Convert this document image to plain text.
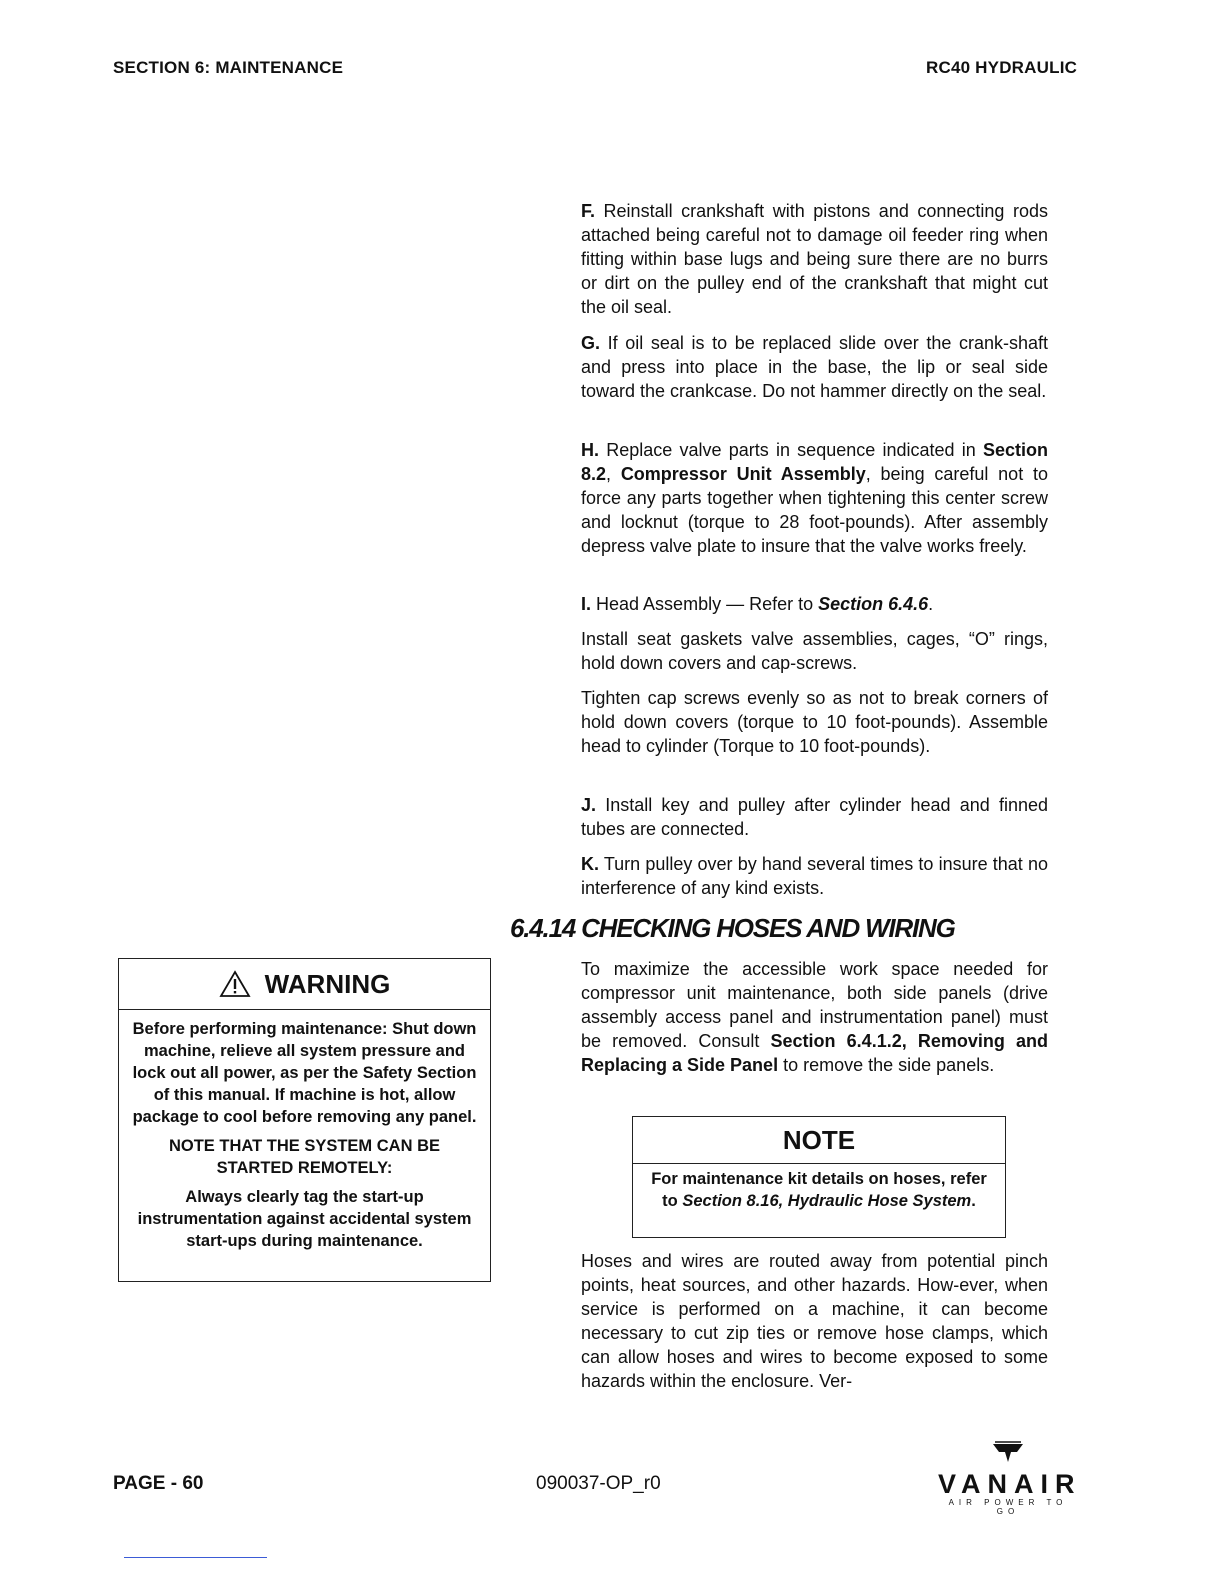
SECTION 6: MAINTENANCE	RC40 HYDRAULIC

F. Reinstall crankshaft with pistons and connecting rods attached being careful not to damage oil feeder ring when fitting within base lugs and being sure there are no burrs or dirt on the pulley end of the crankshaft that might cut the oil seal.

G. If oil seal is to be replaced slide over the crank-shaft and press into place in the base, the lip or seal side toward the crankcase. Do not hammer directly on the seal.

H. Replace valve parts in sequence indicated in Section 8.2, Compressor Unit Assembly, being careful not to force any parts together when tightening this center screw and locknut (torque to 28 foot-pounds). After assembly depress valve plate to insure that the valve works freely.

I. Head Assembly — Refer to Section 6.4.6.

Install seat gaskets valve assemblies, cages, “O” rings, hold down covers and cap-screws.

Tighten cap screws evenly so as not to break corners of hold down covers (torque to 10 foot-pounds). Assemble head to cylinder (Torque to 10 foot-pounds).

J. Install key and pulley after cylinder head and finned tubes are connected.

K. Turn pulley over by hand several times to insure that no interference of any kind exists.

6.4.14 CHECKING HOSES AND WIRING

To maximize the accessible work space needed for compressor unit maintenance, both side panels (drive assembly access panel and instrumentation panel) must be removed. Consult Section 6.4.1.2, Removing and Replacing a Side Panel to remove the side panels.

WARNING

Before performing maintenance: Shut down machine, relieve all system pressure and lock out all power, as per the Safety Section of this manual. If machine is hot, allow package to cool before removing any panel.

NOTE THAT THE SYSTEM CAN BE STARTED REMOTELY:

Always clearly tag the start-up instrumentation against accidental system start-ups during maintenance.

NOTE
For maintenance kit details on hoses, refer to Section 8.16, Hydraulic Hose System.

Hoses and wires are routed away from potential pinch points, heat sources, and other hazards. How-ever, when service is performed on a machine, it can become necessary to cut zip ties or remove hose clamps, which can allow hoses and wires to become exposed to some hazards within the enclosure. Ver-

PAGE - 60	090037-OP_r0	VANAIR
AIR POWER TO GO
